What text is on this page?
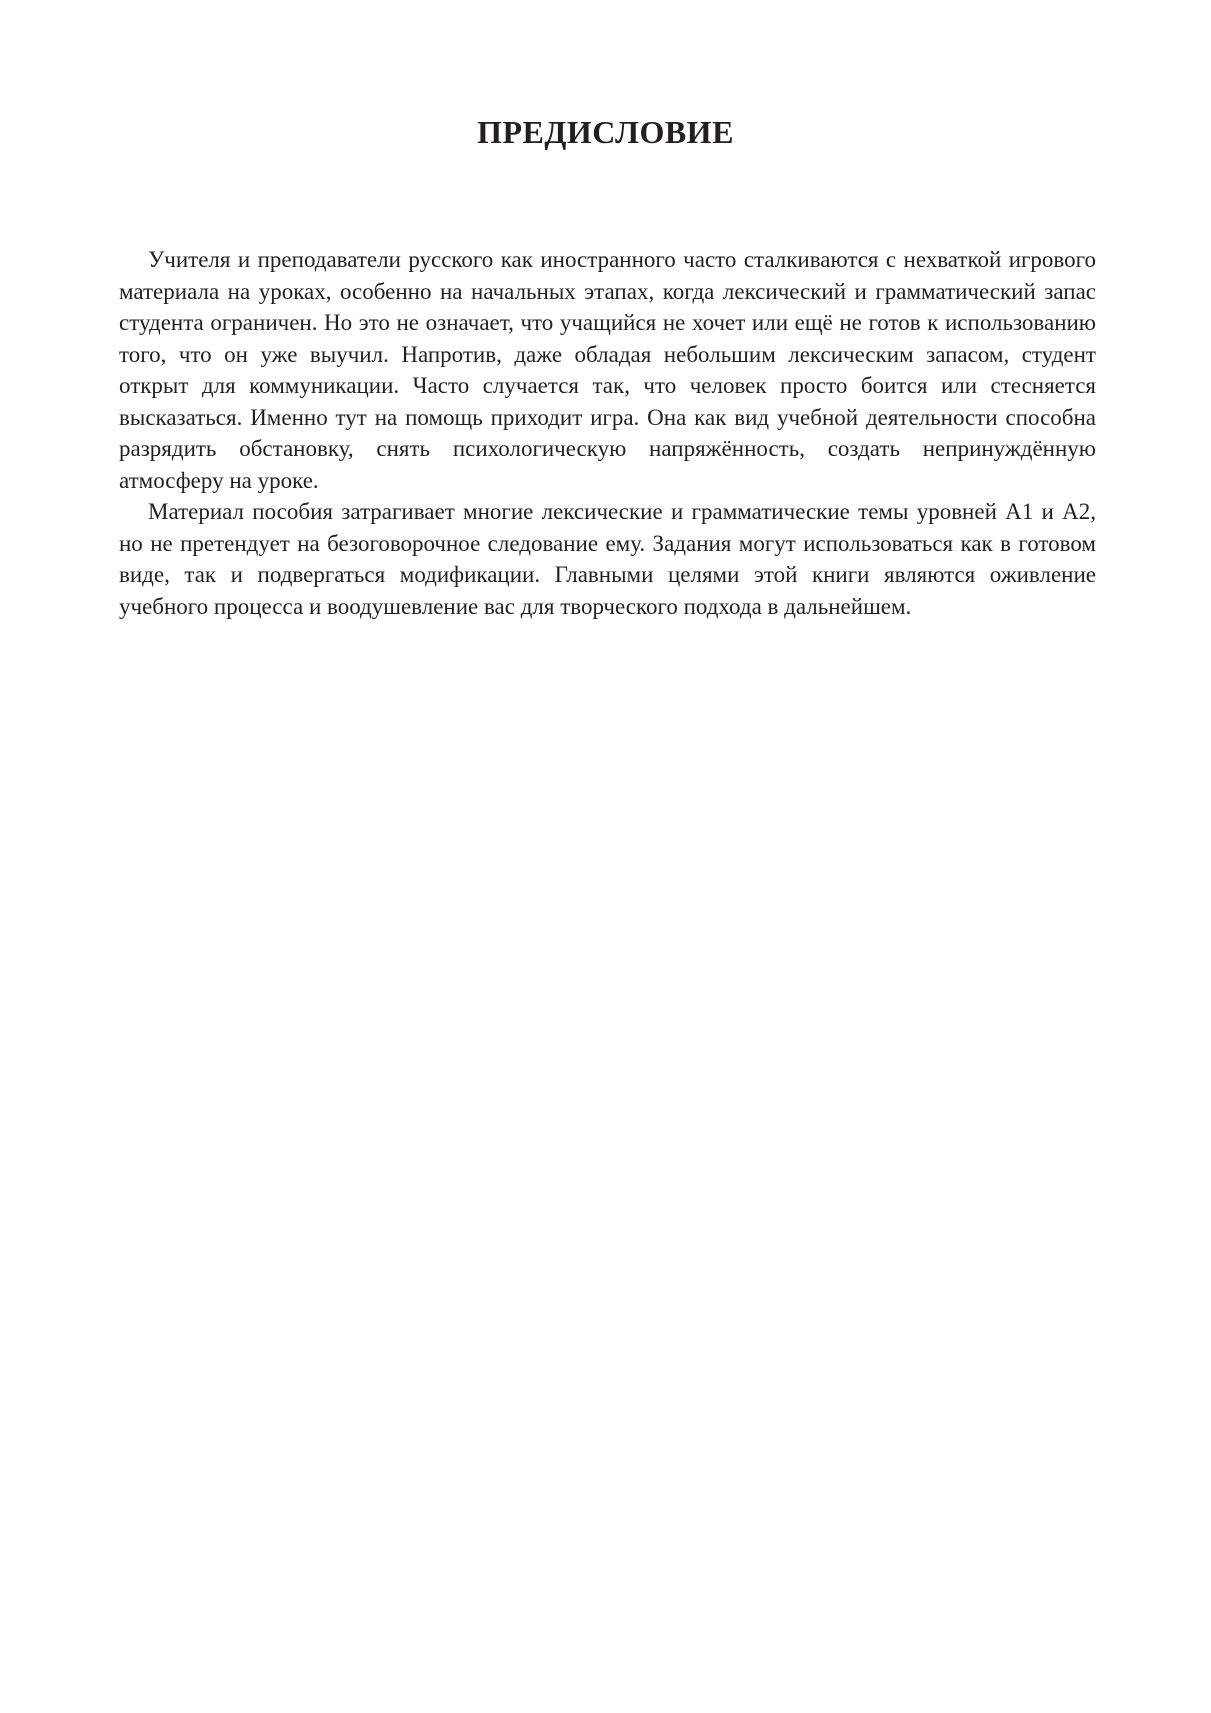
ПРЕДИСЛОВИЕ

Учителя и преподаватели русского как иностранного часто сталкиваются с нехваткой игрового материала на уроках, особенно на начальных этапах, когда лексический и грамматический запас студента ограничен. Но это не означает, что учащийся не хочет или ещё не готов к использованию того, что он уже выучил. Напротив, даже обладая небольшим лексическим запасом, студент открыт для коммуникации. Часто случается так, что человек просто боится или стесняется высказаться. Именно тут на помощь приходит игра. Она как вид учебной деятельности способна разрядить обстановку, снять психологическую напряжённость, создать непринуждённую атмосферу на уроке.

Материал пособия затрагивает многие лексические и грамматические темы уровней А1 и А2, но не претендует на безоговорочное следование ему. Задания могут использоваться как в готовом виде, так и подвергаться модификации. Главными целями этой книги являются оживление учебного процесса и воодушевление вас для творческого подхода в дальнейшем.
